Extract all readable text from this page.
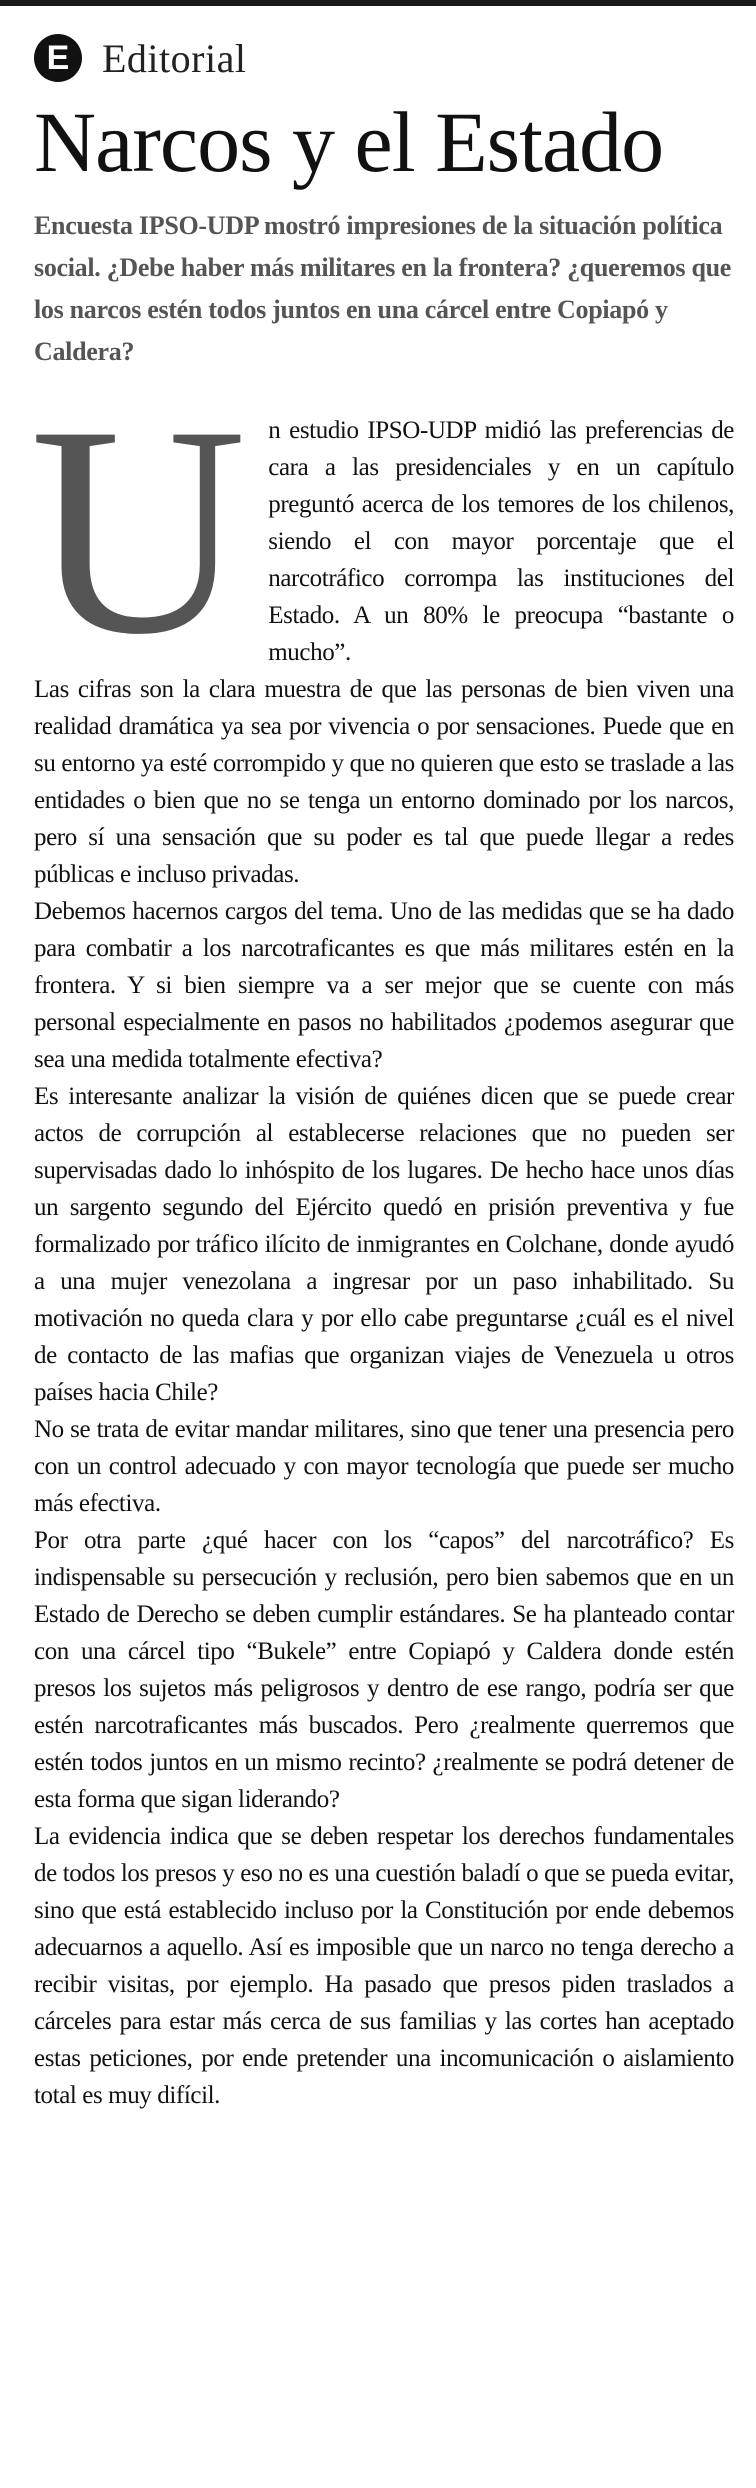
E Editorial
Narcos y el Estado

Encuesta IPSO-UDP mostró impresiones de la situación política social. ¿Debe haber más militares en la frontera? ¿queremos que los narcos estén todos juntos en una cárcel entre Copiapó y Caldera?

U n estudio IPSO-UDP midió las preferencias de cara a las presidenciales y en un capítulo preguntó acerca de los temores de los chilenos, siendo el con mayor porcentaje que el narcotráfico corrompa las instituciones del Estado. A un 80% le preocupa “bastante o mucho”.

Las cifras son la clara muestra de que las personas de bien viven una realidad dramática ya sea por vivencia o por sensaciones. Puede que en su entorno ya esté corrompido y que no quieren que esto se traslade a las entidades o bien que no se tenga un entorno dominado por los narcos, pero sí una sensación que su poder es tal que puede llegar a redes públicas e incluso privadas.

Debemos hacernos cargos del tema. Uno de las medidas que se ha dado para combatir a los narcotraficantes es que más militares estén en la frontera. Y si bien siempre va a ser mejor que se cuente con más personal especialmente en pasos no habilitados ¿podemos asegurar que sea una medida totalmente efectiva?

Es interesante analizar la visión de quiénes dicen que se puede crear actos de corrupción al establecerse relaciones que no pueden ser supervisadas dado lo inhóspito de los lugares. De hecho hace unos días un sargento segundo del Ejército quedó en prisión preventiva y fue formalizado por tráfico ilícito de inmigrantes en Colchane, donde ayudó a una mujer venezolana a ingresar por un paso inhabilitado. Su motivación no queda clara y por ello cabe preguntarse ¿cuál es el nivel de contacto de las mafias que organizan viajes de Venezuela u otros países hacia Chile?

No se trata de evitar mandar militares, sino que tener una presencia pero con un control adecuado y con mayor tecnología que puede ser mucho más efectiva.

Por otra parte ¿qué hacer con los “capos” del narcotráfico? Es indispensable su persecución y reclusión, pero bien sabemos que en un Estado de Derecho se deben cumplir estándares. Se ha planteado contar con una cárcel tipo “Bukele” entre Copiapó y Caldera donde estén presos los sujetos más peligrosos y dentro de ese rango, podría ser que estén narcotraficantes más buscados. Pero ¿realmente querremos que estén todos juntos en un mismo recinto? ¿realmente se podrá detener de esta forma que sigan liderando?

La evidencia indica que se deben respetar los derechos fundamentales de todos los presos y eso no es una cuestión baladí o que se pueda evitar, sino que está establecido incluso por la Constitución por ende debemos adecuarnos a aquello. Así es imposible que un narco no tenga derecho a recibir visitas, por ejemplo. Ha pasado que presos piden traslados a cárceles para estar más cerca de sus familias y las cortes han aceptado estas peticiones, por ende pretender una incomunicación o aislamiento total es muy difícil.
